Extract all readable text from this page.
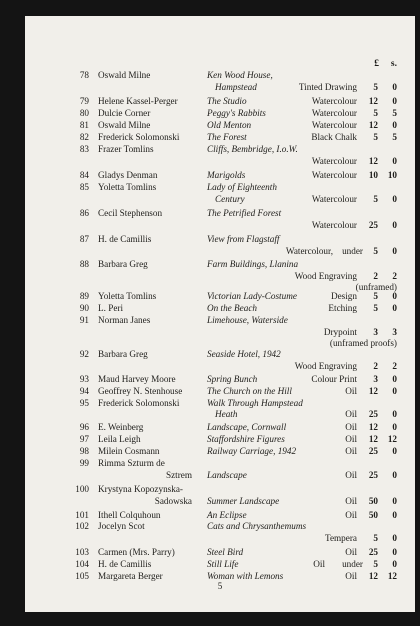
£ s.
78 Oswald Milne	Ken Wood House,
Hampstead	Tinted Drawing	5	0
79 Helene Kassel-Perger	The Studio	Watercolour	12	0
80 Dulcie Corner	Peggy's Rabbits	Watercolour	5	5
81 Oswald Milne	Old Menton	Watercolour	12	0
82 Frederick Solomonski	The Forest	Black Chalk	5	5
83 Frazer Tomlins	Cliffs, Bembridge, I.o.W.
Watercolour	12	0
84 Gladys Denman	Marigolds	Watercolour	10 10
85 Yoletta Tomlins	Lady of Eighteenth
Century	Watercolour	5	0
86 Cecil Stephenson	The Petrified Forest
Watercolour	25	0
87 H. de Camillis	View from Flagstaff
Watercolour, under	5	0
88 Barbara Greg	Farm Buildings, Llanina
Wood Engraving	2	2
(unframed)
89 Yoletta Tomlins	Victorian Lady-Costume	Design	5	0
90 L. Peri	On the Beach	Etching	5	0
91 Norman Janes	Limehouse, Waterside
Drypoint	3	3
(unframed proofs)
92 Barbara Greg	Seaside Hotel, 1942
Wood Engraving	2	2
93 Maud Harvey Moore	Spring Bunch	Colour Print	3	0
94 Geoffrey N. Stenhouse	The Church on the Hill	Oil	12	0
95 Frederick Solomonski	Walk Through Hampstead
Heath	Oil	25	0
96 E. Weinberg	Landscape, Cornwall	Oil	12	0
97 Leila Leigh	Staffordshire Figures	Oil	12 12
98 Milein Cosmann	Railway Carriage, 1942	Oil	25	0
99 Rimma Szturm de
Sztrem Landscape	Oil	25	0
100 Krystyna Kopozynska-
Sadowska Summer Landscape	Oil	50	0
101 Ithell Colquhoun	An Eclipse	Oil	50	0
102 Jocelyn Scot	Cats and Chrysanthemums
Tempera	5	0
103 Carmen (Mrs. Parry)	Steel Bird	Oil	25	0
104 H. de Camillis	Still Life	Oil under	5	0
105 Margareta Berger	Woman with Lemons	Oil	12 12
5
